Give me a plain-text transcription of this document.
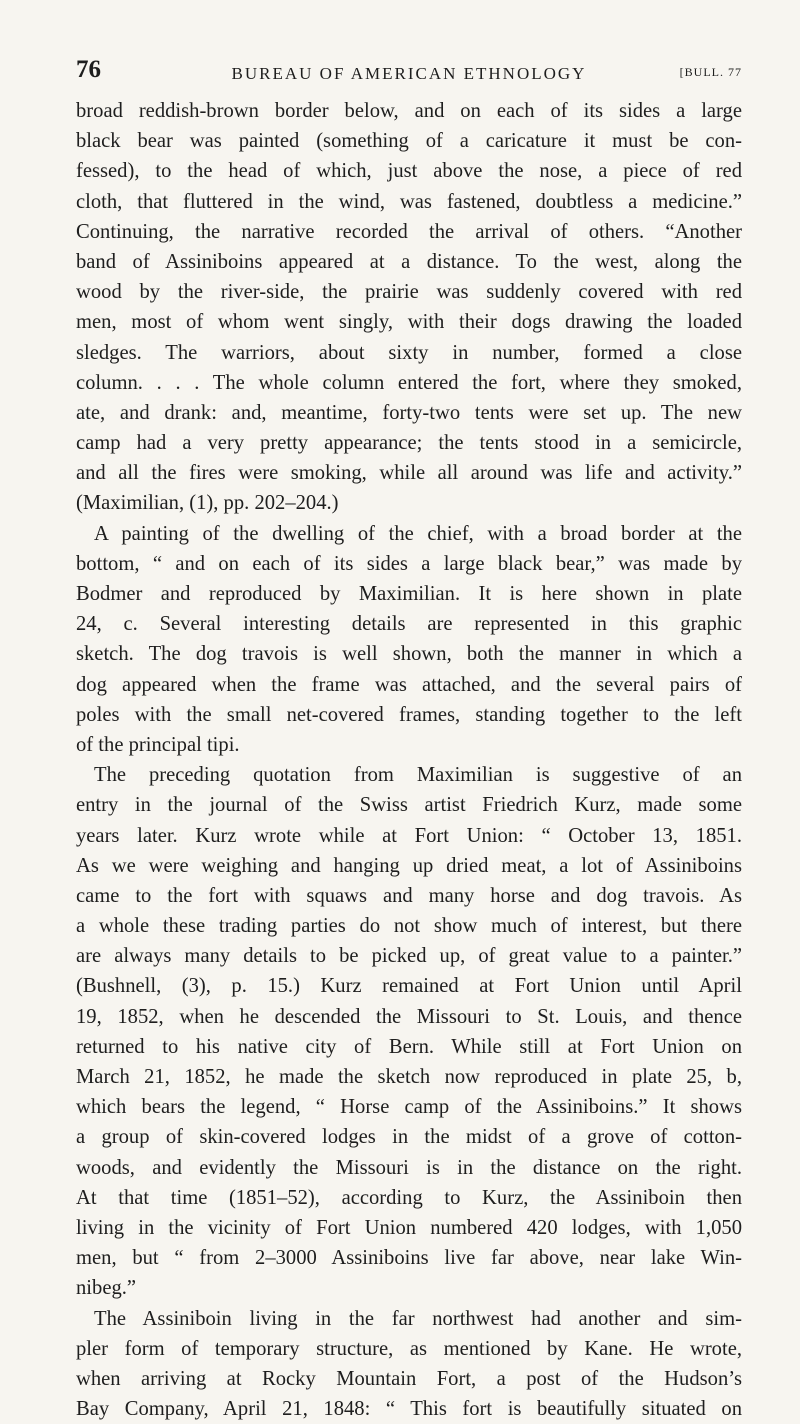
76	BUREAU OF AMERICAN ETHNOLOGY	[BULL. 77
broad reddish-brown border below, and on each of its sides a large
black bear was painted (something of a caricature it must be con-
fessed), to the head of which, just above the nose, a piece of red
cloth, that fluttered in the wind, was fastened, doubtless a medicine.”
Continuing, the narrative recorded the arrival of others. “Another
band of Assiniboins appeared at a distance. To the west, along the
wood by the river-side, the prairie was suddenly covered with red
men, most of whom went singly, with their dogs drawing the loaded
sledges. The warriors, about sixty in number, formed a close
column. . . . The whole column entered the fort, where they smoked,
ate, and drank: and, meantime, forty-two tents were set up. The new
camp had a very pretty appearance; the tents stood in a semicircle,
and all the fires were smoking, while all around was life and activity.”
(Maximilian, (1), pp. 202–204.)
A painting of the dwelling of the chief, with a broad border at the
bottom, “ and on each of its sides a large black bear,” was made by
Bodmer and reproduced by Maximilian. It is here shown in plate
24, c. Several interesting details are represented in this graphic
sketch. The dog travois is well shown, both the manner in which a
dog appeared when the frame was attached, and the several pairs of
poles with the small net-covered frames, standing together to the left
of the principal tipi.
The preceding quotation from Maximilian is suggestive of an
entry in the journal of the Swiss artist Friedrich Kurz, made some
years later. Kurz wrote while at Fort Union: “ October 13, 1851.
As we were weighing and hanging up dried meat, a lot of Assiniboins
came to the fort with squaws and many horse and dog travois. As
a whole these trading parties do not show much of interest, but there
are always many details to be picked up, of great value to a painter.”
(Bushnell, (3), p. 15.) Kurz remained at Fort Union until April
19, 1852, when he descended the Missouri to St. Louis, and thence
returned to his native city of Bern. While still at Fort Union on
March 21, 1852, he made the sketch now reproduced in plate 25, b,
which bears the legend, “ Horse camp of the Assiniboins.” It shows
a group of skin-covered lodges in the midst of a grove of cotton-
woods, and evidently the Missouri is in the distance on the right.
At that time (1851–52), according to Kurz, the Assiniboin then
living in the vicinity of Fort Union numbered 420 lodges, with 1,050
men, but “ from 2–3000 Assiniboins live far above, near lake Win-
nibeg.”
The Assiniboin living in the far northwest had another and sim-
pler form of temporary structure, as mentioned by Kane. He wrote,
when arriving at Rocky Mountain Fort, a post of the Hudson’s
Bay Company, April 21, 1848: “ This fort is beautifully situated on
